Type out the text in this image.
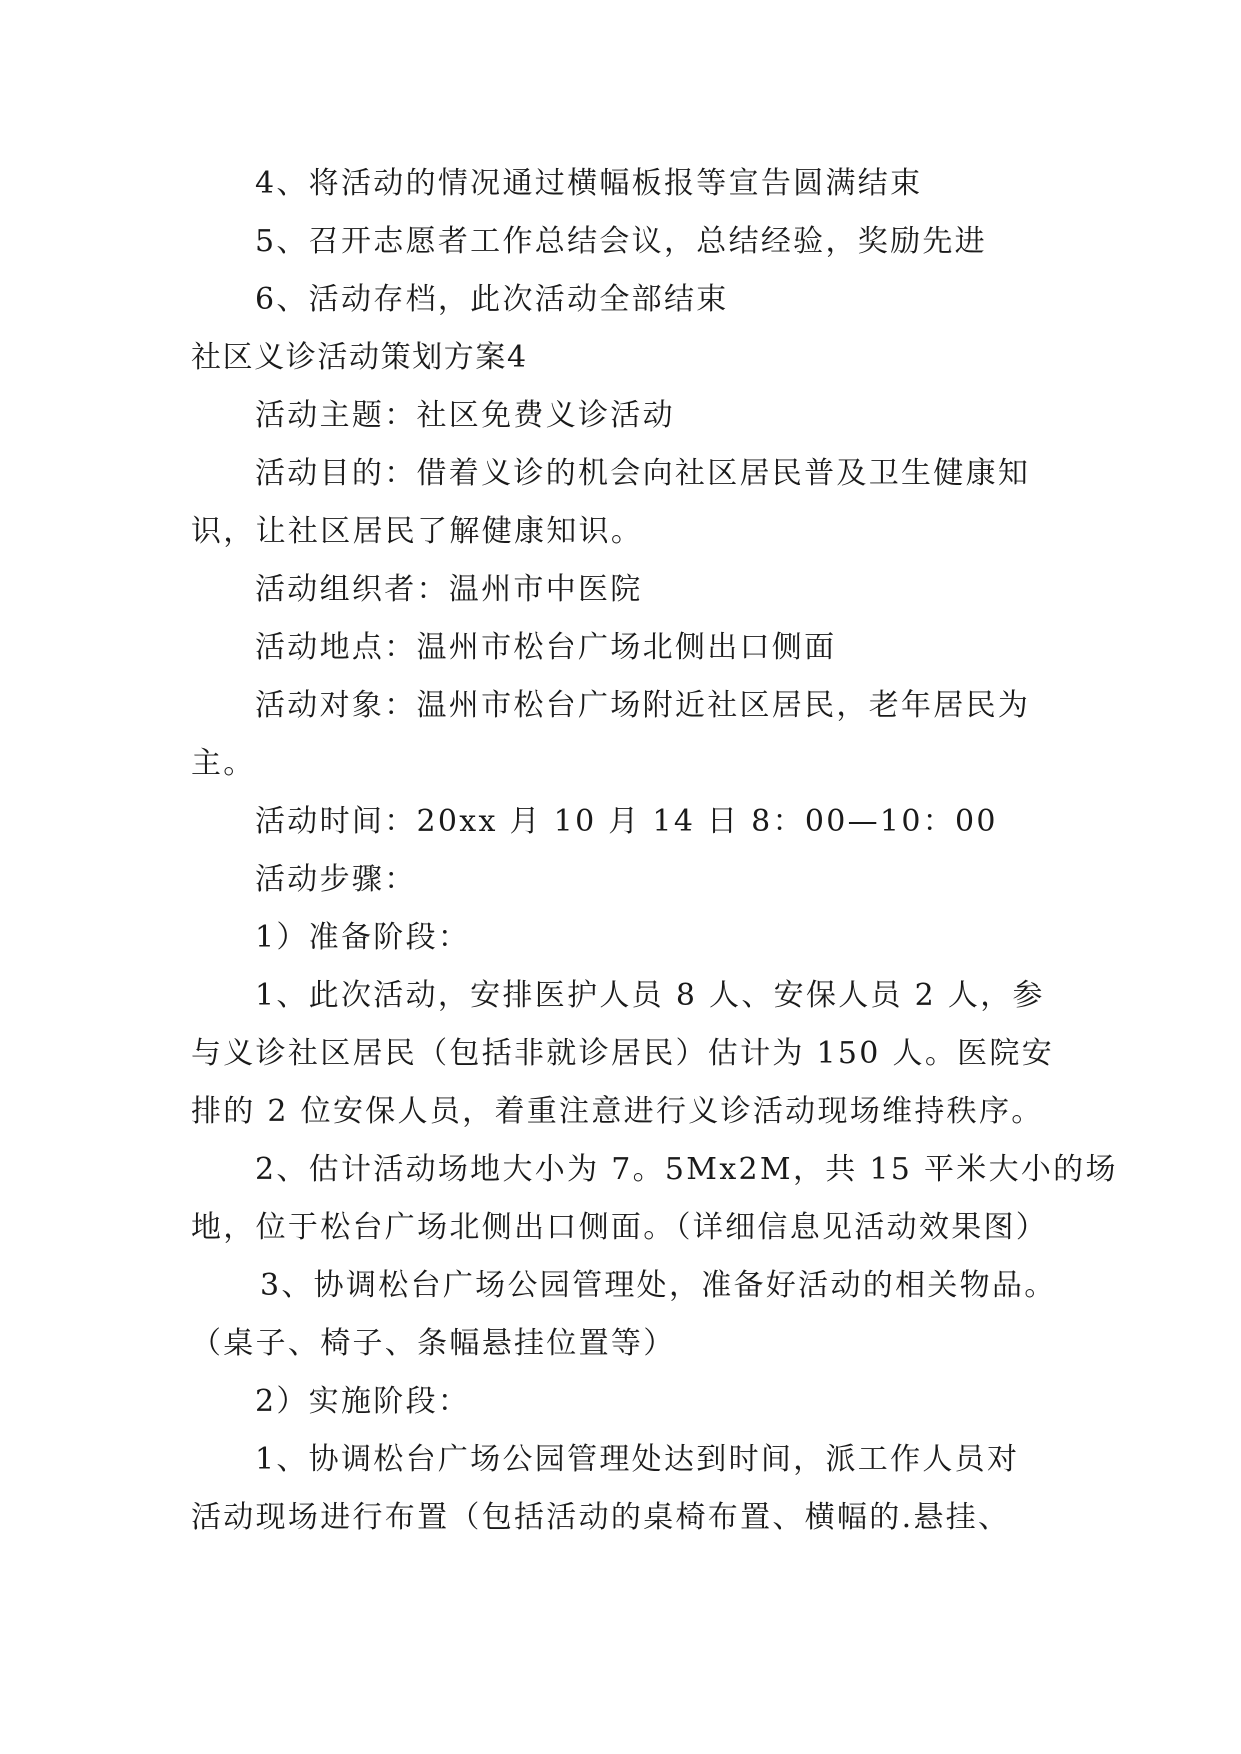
4、将活动的情况通过横幅板报等宣告圆满结束
5、召开志愿者工作总结会议，总结经验，奖励先进
6、活动存档，此次活动全部结束
社区义诊活动策划方案4
活动主题：社区免费义诊活动
活动目的：借着义诊的机会向社区居民普及卫生健康知
识，让社区居民了解健康知识。
活动组织者：温州市中医院
活动地点：温州市松台广场北侧出口侧面
活动对象：温州市松台广场附近社区居民，老年居民为
主。
活动时间：20xx 月 10 月 14 日 8：00—10：00
活动步骤：
1）准备阶段：
1、此次活动，安排医护人员 8 人、安保人员 2 人，参
与义诊社区居民（包括非就诊居民）估计为 150 人。医院安
排的 2 位安保人员，着重注意进行义诊活动现场维持秩序。
2、估计活动场地大小为 7。5Mx2M，共 15 平米大小的场
地，位于松台广场北侧出口侧面。（详细信息见活动效果图）
3、协调松台广场公园管理处，准备好活动的相关物品。
（桌子、椅子、条幅悬挂位置等）
2）实施阶段：
1、协调松台广场公园管理处达到时间，派工作人员对
活动现场进行布置（包括活动的桌椅布置、横幅的.悬挂、
